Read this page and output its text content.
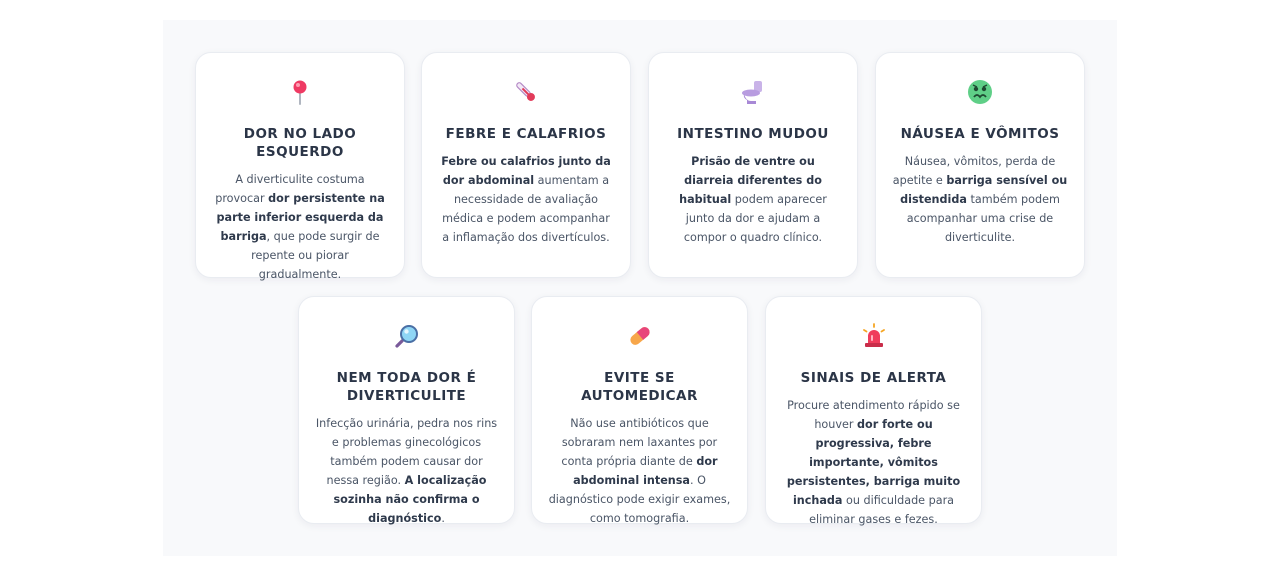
DOR NO LADO ESQUERDO

A diverticulite costuma provocar dor persistente na parte inferior esquerda da barriga, que pode surgir de repente ou piorar gradualmente.

FEBRE E CALAFRIOS

Febre ou calafrios junto da dor abdominal aumentam a necessidade de avaliação médica e podem acompanhar a inflamação dos divertículos.

INTESTINO MUDOU

Prisão de ventre ou diarreia diferentes do habitual podem aparecer junto da dor e ajudam a compor o quadro clínico.

NÁUSEA E VÔMITOS

Náusea, vômitos, perda de apetite e barriga sensível ou distendida também podem acompanhar uma crise de diverticulite.

NEM TODA DOR É DIVERTICULITE

Infecção urinária, pedra nos rins e problemas ginecológicos também podem causar dor nessa região. A localização sozinha não confirma o diagnóstico.

EVITE SE AUTOMEDICAR

Não use antibióticos que sobraram nem laxantes por conta própria diante de dor abdominal intensa. O diagnóstico pode exigir exames, como tomografia.

SINAIS DE ALERTA

Procure atendimento rápido se houver dor forte ou progressiva, febre importante, vômitos persistentes, barriga muito inchada ou dificuldade para eliminar gases e fezes.
